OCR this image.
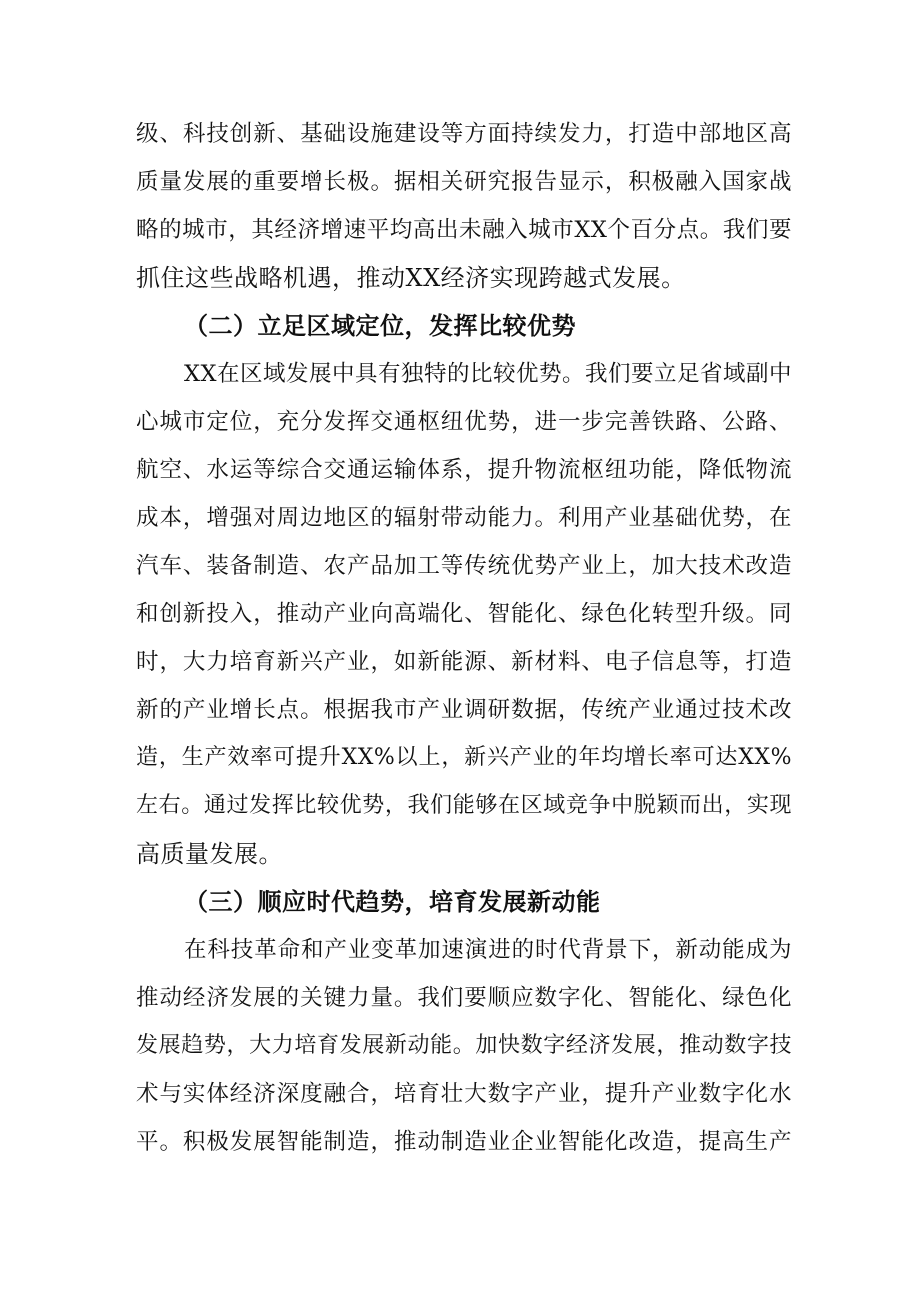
级、科技创新、基础设施建设等方面持续发力，打造中部地区高
质量发展的重要增长极。据相关研究报告显示，积极融入国家战
略的城市，其经济增速平均高出未融入城市XX个百分点。我们要
抓住这些战略机遇，推动XX经济实现跨越式发展。
（二）立足区域定位，发挥比较优势
XX在区域发展中具有独特的比较优势。我们要立足省域副中
心城市定位，充分发挥交通枢纽优势，进一步完善铁路、公路、
航空、水运等综合交通运输体系，提升物流枢纽功能，降低物流
成本，增强对周边地区的辐射带动能力。利用产业基础优势，在
汽车、装备制造、农产品加工等传统优势产业上，加大技术改造
和创新投入，推动产业向高端化、智能化、绿色化转型升级。同
时，大力培育新兴产业，如新能源、新材料、电子信息等，打造
新的产业增长点。根据我市产业调研数据，传统产业通过技术改
造，生产效率可提升XX%以上，新兴产业的年均增长率可达XX%
左右。通过发挥比较优势，我们能够在区域竞争中脱颖而出，实现
高质量发展。
（三）顺应时代趋势，培育发展新动能
在科技革命和产业变革加速演进的时代背景下，新动能成为
推动经济发展的关键力量。我们要顺应数字化、智能化、绿色化
发展趋势，大力培育发展新动能。加快数字经济发展，推动数字技
术与实体经济深度融合，培育壮大数字产业，提升产业数字化水
平。积极发展智能制造，推动制造业企业智能化改造，提高生产
